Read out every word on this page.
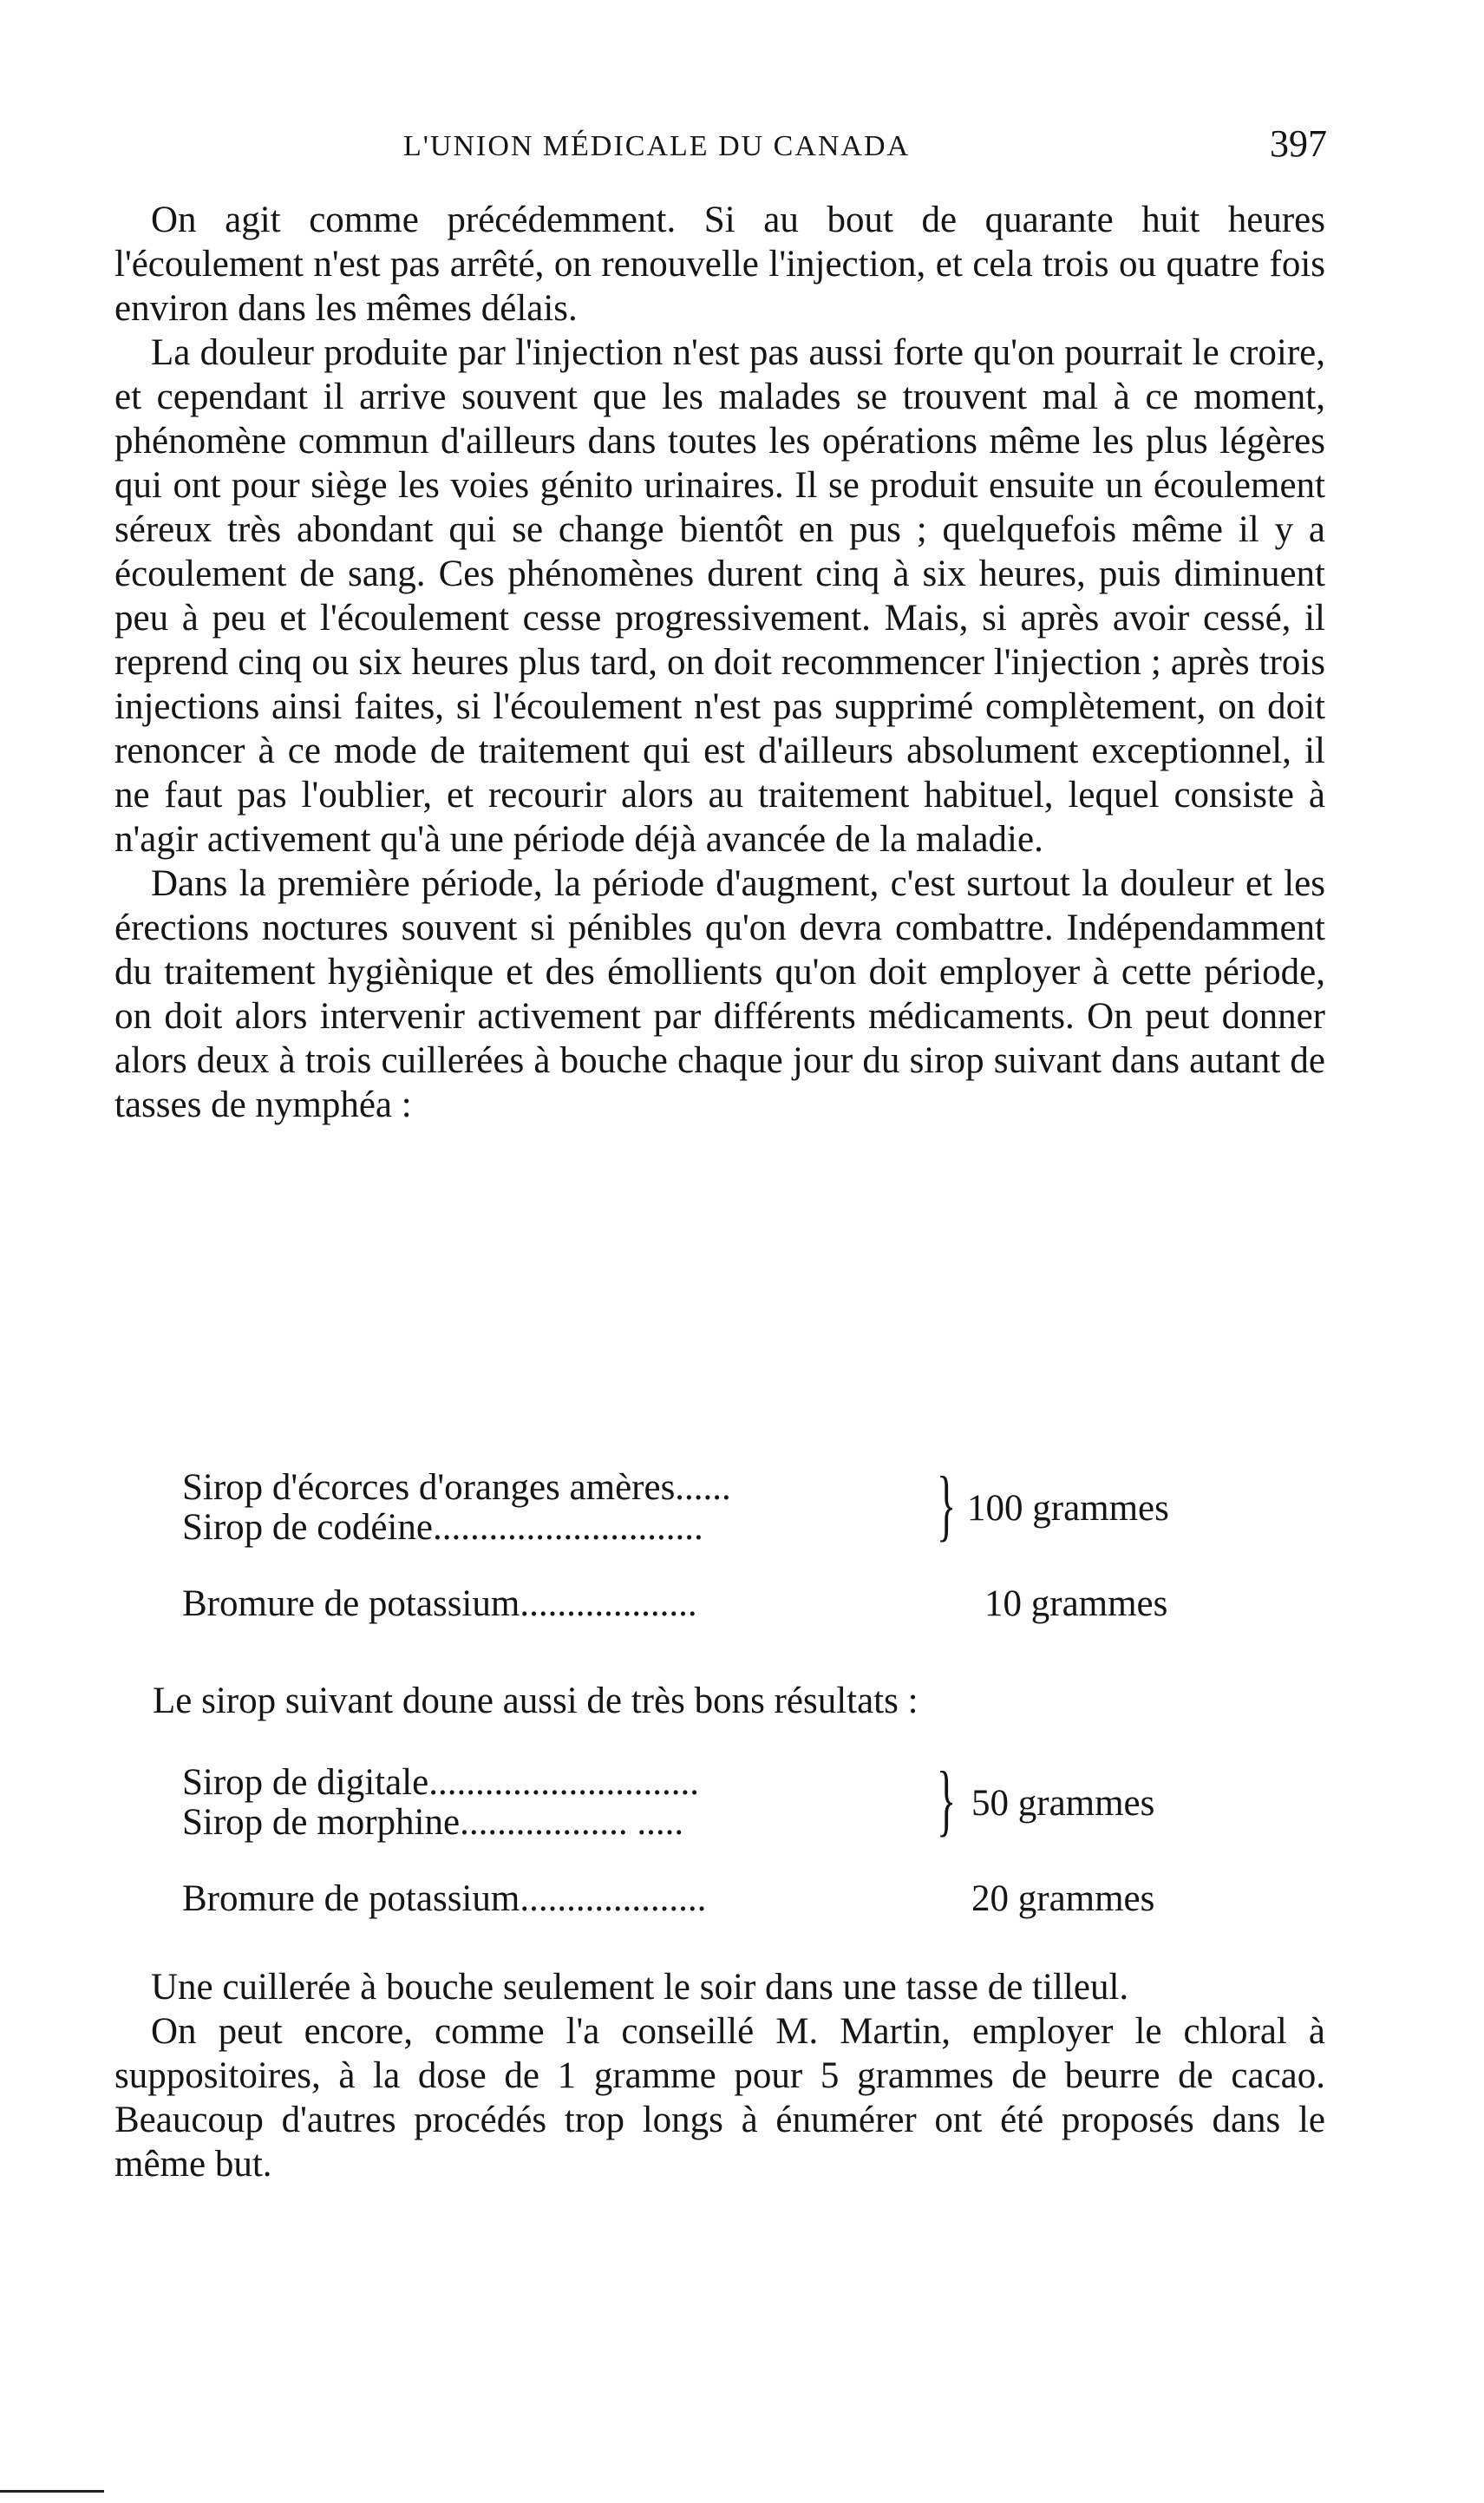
L'UNION MÉDICALE DU CANADA	397

On agit comme précédemment. Si au bout de quarante huit heures l'écoulement n'est pas arrêté, on renouvelle l'injection, et cela trois ou quatre fois environ dans les mêmes délais.

La douleur produite par l'injection n'est pas aussi forte qu'on pourrait le croire, et cependant il arrive souvent que les malades se trouvent mal à ce moment, phénomène commun d'ailleurs dans toutes les opérations même les plus légères qui ont pour siège les voies génito urinaires. Il se produit ensuite un écoulement séreux très abondant qui se change bientôt en pus ; quelquefois même il y a écoulement de sang. Ces phénomènes durent cinq à six heures, puis diminuent peu à peu et l'écoulement cesse progressivement. Mais, si après avoir cessé, il reprend cinq ou six heures plus tard, on doit recommencer l'injection ; après trois injections ainsi faites, si l'écoulement n'est pas supprimé complètement, on doit renoncer à ce mode de traitement qui est d'ailleurs absolument exceptionnel, il ne faut pas l'oublier, et recourir alors au traitement habituel, lequel consiste à n'agir activement qu'à une période déjà avancée de la maladie.

Dans la première période, la période d'augment, c'est surtout la douleur et les érections noctures souvent si pénibles qu'on devra combattre. Indépendamment du traitement hygiènique et des émollients qu'on doit employer à cette période, on doit alors intervenir activement par différents médicaments. On peut donner alors deux à trois cuillerées à bouche chaque jour du sirop suivant dans autant de tasses de nymphéa :

Sirop d'écorces d'oranges amères......
Sirop de codéine.............................	} 100 grammes
Bromure de potassium...................	10 grammes
Le sirop suivant doune aussi de très bons résultats :
Sirop de digitale.............................
Sirop de morphine.................. .....	} 50 grammes
Bromure de potassium....................	20 grammes

Une cuillerée à bouche seulement le soir dans une tasse de tilleul.

On peut encore, comme l'a conseillé M. Martin, employer le chloral à suppositoires, à la dose de 1 gramme pour 5 grammes de beurre de cacao. Beaucoup d'autres procédés trop longs à énumérer ont été proposés dans le même but.
